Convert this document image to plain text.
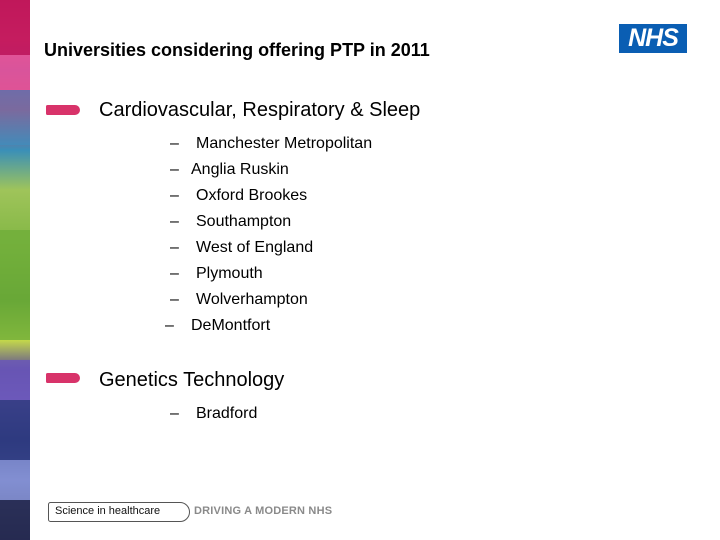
Universities considering offering PTP in 2011	NHS
Cardiovascular, Respiratory & Sleep
– Manchester Metropolitan
– Anglia Ruskin
– Oxford Brookes
– Southampton
– West of England
– Plymouth
– Wolverhampton
– DeMontfort
Genetics Technology
– Bradford
Science in healthcare	DRIVING A MODERN NHS
